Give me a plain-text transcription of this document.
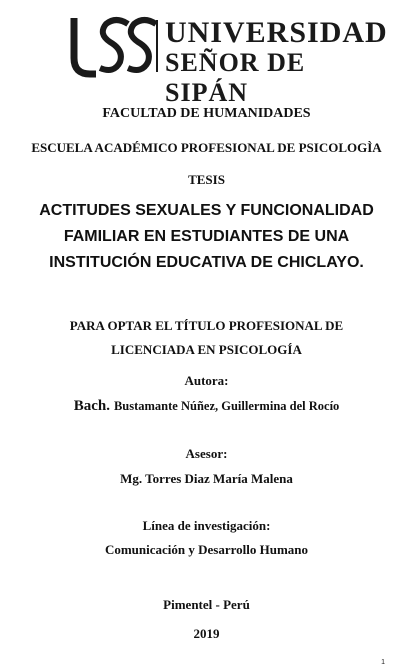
UNIVERSIDAD
SEÑOR DE SIPÁN
FACULTAD DE HUMANIDADES
ESCUELA ACADÉMICO PROFESIONAL DE PSICOLOGÌA
TESIS
ACTITUDES SEXUALES Y FUNCIONALIDAD
FAMILIAR EN ESTUDIANTES DE UNA
INSTITUCIÓN EDUCATIVA DE CHICLAYO.
PARA OPTAR EL TÍTULO PROFESIONAL DE
LICENCIADA EN PSICOLOGÍA
Autora:
Bach. Bustamante Núñez, Guillermina del Rocío
Asesor:
Mg. Torres Diaz María Malena
Línea de investigación:
Comunicación y Desarrollo Humano
Pimentel - Perú
2019
1
